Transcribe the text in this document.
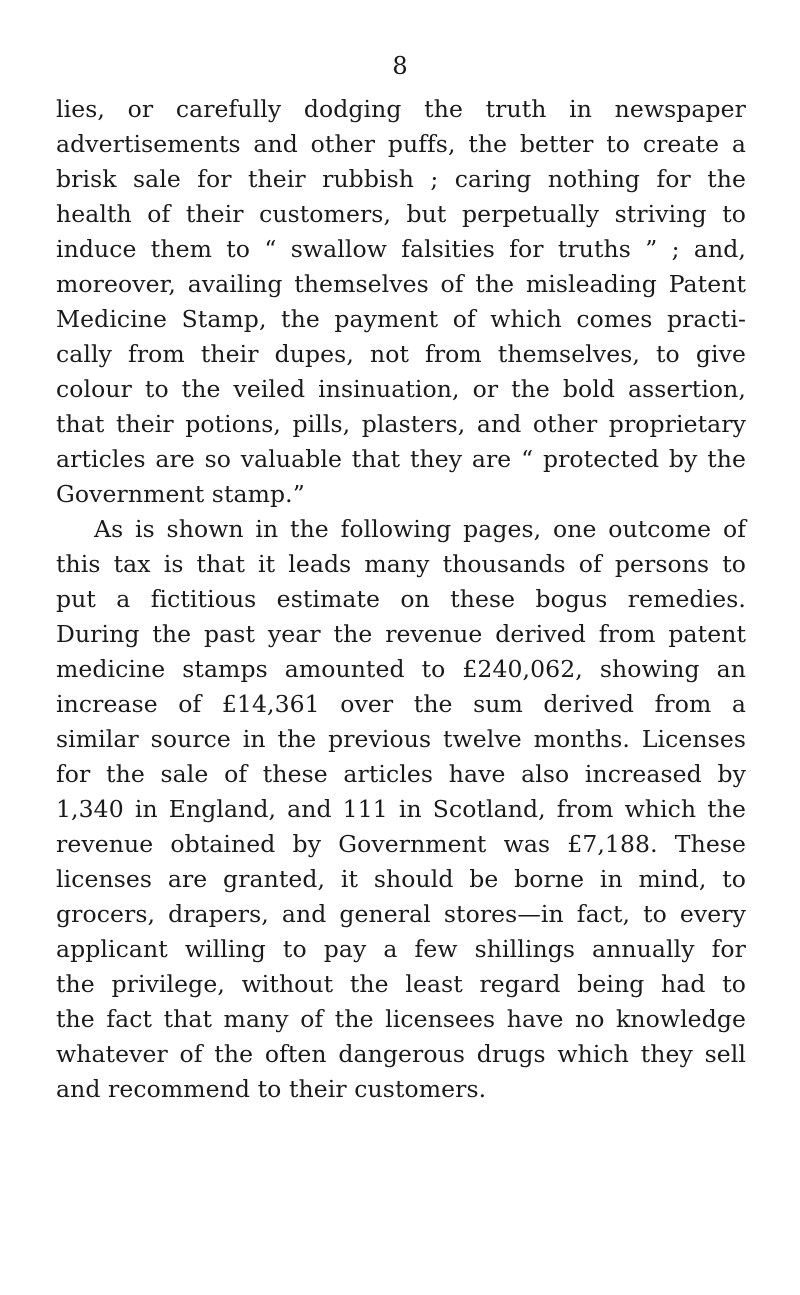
8
lies, or carefully dodging the truth in newspaper
advertisements and other puffs, the better to create a
brisk sale for their rubbish ; caring nothing for the
health of their customers, but perpetually striving to
induce them to “ swallow falsities for truths ” ; and,
moreover, availing themselves of the misleading Patent
Medicine Stamp, the payment of which comes practi-
cally from their dupes, not from themselves, to give
colour to the veiled insinuation, or the bold assertion,
that their potions, pills, plasters, and other proprietary
articles are so valuable that they are “ protected by the
Government stamp.”
As is shown in the following pages, one outcome of
this tax is that it leads many thousands of persons to
put a fictitious estimate on these bogus remedies.
During the past year the revenue derived from patent
medicine stamps amounted to £240,062, showing an
increase of £14,361 over the sum derived from a
similar source in the previous twelve months. Licenses
for the sale of these articles have also increased by
1,340 in England, and 111 in Scotland, from which the
revenue obtained by Government was £7,188. These
licenses are granted, it should be borne in mind, to
grocers, drapers, and general stores—in fact, to every
applicant willing to pay a few shillings annually for
the privilege, without the least regard being had to
the fact that many of the licensees have no knowledge
whatever of the often dangerous drugs which they sell
and recommend to their customers.
